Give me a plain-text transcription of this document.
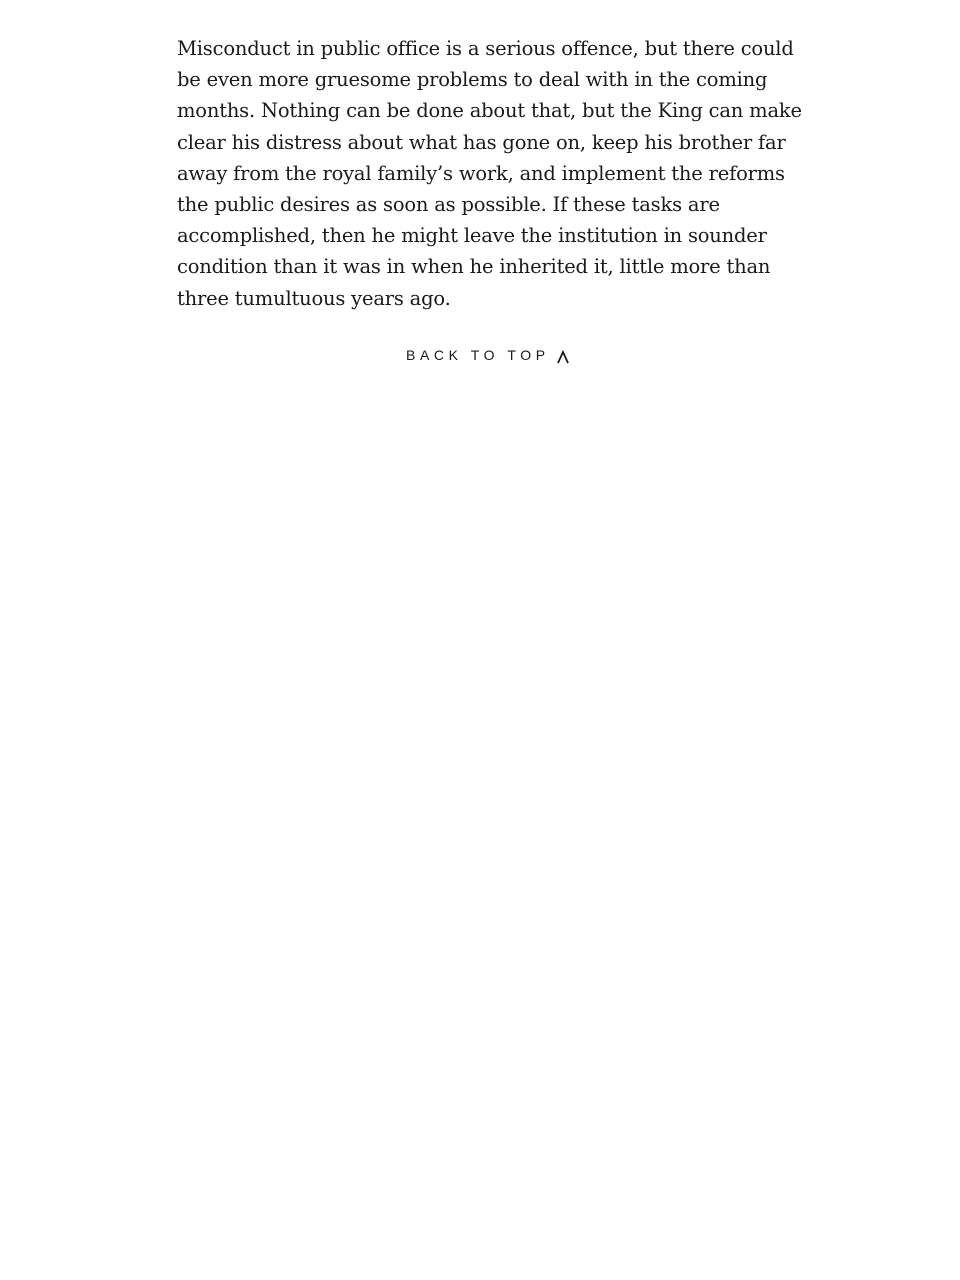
Misconduct in public office is a serious offence, but there could
be even more gruesome problems to deal with in the coming
months. Nothing can be done about that, but the King can make
clear his distress about what has gone on, keep his brother far
away from the royal family’s work, and implement the reforms
the public desires as soon as possible. If these tasks are
accomplished, then he might leave the institution in sounder
condition than it was in when he inherited it, little more than
three tumultuous years ago.

BACK TO TOP
